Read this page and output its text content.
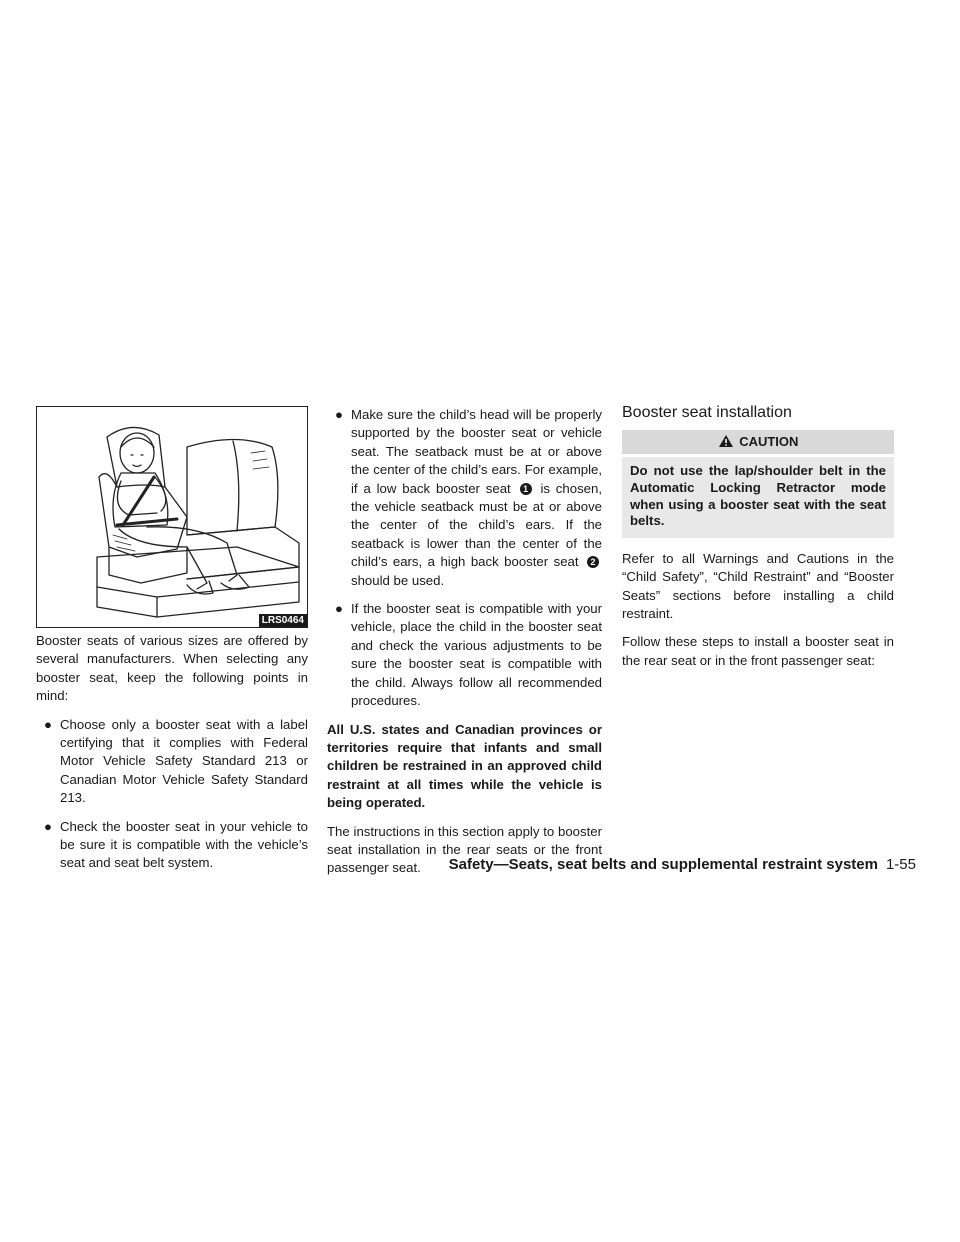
LRS0464

Booster seats of various sizes are offered by several manufacturers. When selecting any booster seat, keep the following points in mind:

● Choose only a booster seat with a label certifying that it complies with Federal Motor Vehicle Safety Standard 213 or Canadian Motor Vehicle Safety Standard 213.
● Check the booster seat in your vehicle to be sure it is compatible with the vehicle’s seat and seat belt system.
● Make sure the child’s head will be properly supported by the booster seat or vehicle seat. The seatback must be at or above the center of the child’s ears. For example, if a low back booster seat 1 is chosen, the vehicle seatback must be at or above the center of the child’s ears. If the seatback is lower than the center of the child’s ears, a high back booster seat 2 should be used.
● If the booster seat is compatible with your vehicle, place the child in the booster seat and check the various adjustments to be sure the booster seat is compatible with the child. Always follow all recommended procedures.

All U.S. states and Canadian provinces or territories require that infants and small children be restrained in an approved child restraint at all times while the vehicle is being operated.

The instructions in this section apply to booster seat installation in the rear seats or the front passenger seat.

Booster seat installation
CAUTION
Do not use the lap/shoulder belt in the Automatic Locking Retractor mode when using a booster seat with the seat belts.

Refer to all Warnings and Cautions in the “Child Safety”, “Child Restraint” and “Booster Seats” sections before installing a child restraint.

Follow these steps to install a booster seat in the rear seat or in the front passenger seat:

Safety—Seats, seat belts and supplemental restraint system 1-55
